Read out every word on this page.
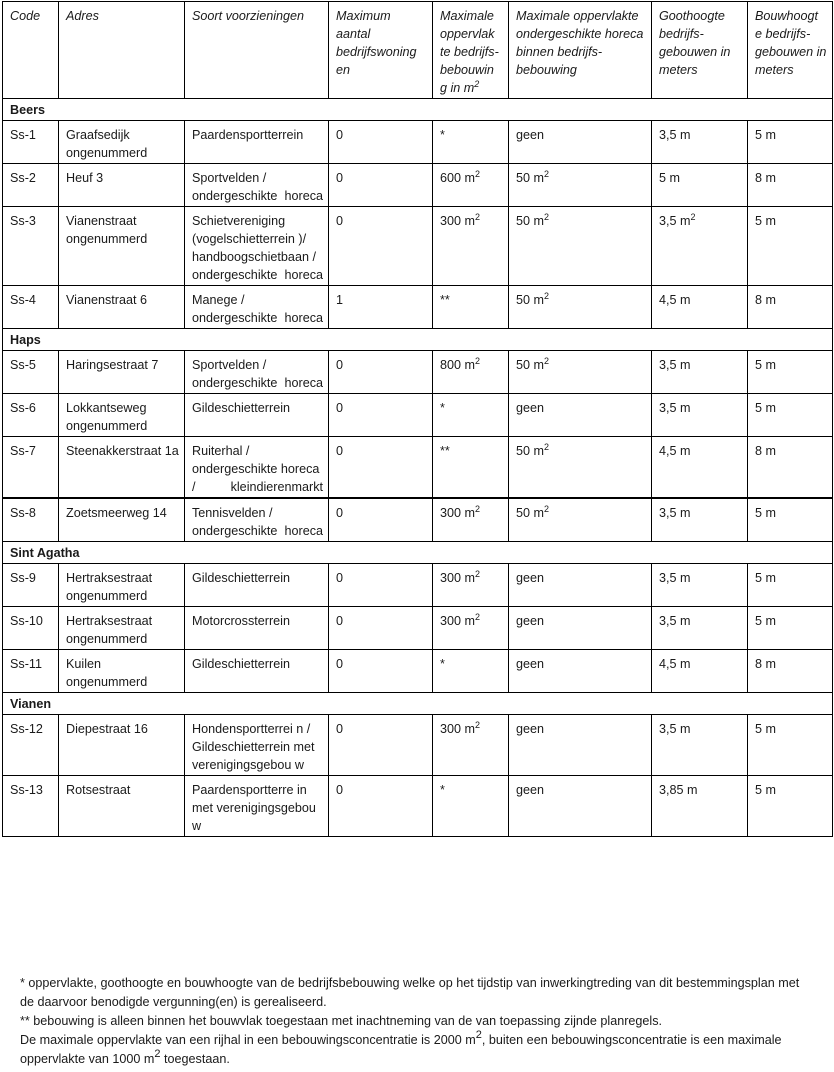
Code	Adres	Soort voorzieningen	Maximum aantal bedrijfswoning en	Maximale oppervlak te bedrijfs- bebouwin g in $m^2$	Maximale oppervlakte ondergeschikte horeca binnen bedrijfs-bebouwing	Goothoogte bedrijfs- gebouwen in meters	Bouwhoogt e bedrijfs- gebouwen in meters
Beers							
Ss-1	Graafsedijk ongenummerd	Paardensportterrein	0	*	geen	3,5 m	5 m
Ss-2	Heuf 3	Sportvelden / ondergeschikte horeca	0	600 $m^2$	50 $m^2$	5 m	8 m
Ss-3	Vianenstraat ongenummerd	Schietvereniging (vogelschietterrein )/ handboogschietbaan / ondergeschikte horeca	0	300 $m^2$	50 $m^2$	3,5 $m^2$	5 m
Ss-4	Vianenstraat 6	Manege / ondergeschikte horeca	1	**	50 $m^2$	4,5 m	8 m
Haps							
Ss-5	Haringsestraat 7	Sportvelden / ondergeschikte horeca	0	800 $m^2$	50 $m^2$	3,5 m	5 m
Ss-6	Lokkantseweg ongenummerd	Gildeschietterrein	0	*	geen	3,5 m	5 m
Ss-7	Steenakkerstraat 1a	Ruiterhal / ondergeschikte horeca / kleindierenmarkt	0	**	50 $m^2$	4,5 m	8 m
Ss-8	Zoetsmeerweg 14	Tennisvelden / ondergeschikte horeca	0	300 $m^2$	50 $m^2$	3,5 m	5 m
Sint Agatha							
Ss-9	Hertraksestraat ongenummerd	Gildeschietterrein	0	300 $m^2$	geen	3,5 m	5 m
Ss-10	Hertraksestraat ongenummerd	Motorcrossterrein	0	300 $m^2$	geen	3,5 m	5 m
Ss-11	Kuilen ongenummerd	Gildeschietterrein	0	*	geen	4,5 m	8 m
Vianen							
Ss-12	Diepestraat 16	Hondensportterrei n / Gildeschietterrein met verenigingsgebou w	0	300 $m^2$	geen	3,5 m	5 m
Ss-13	Rotsestraat	Paardensportterre in met verenigingsgebou w	0	*	geen	3,85 m	5 m
* oppervlakte, goothoogte en bouwhoogte van de bedrijfsbebouwing welke op het tijdstip van inwerkingtreding van dit bestemmingsplan met de daarvoor benodigde vergunning(en) is gerealiseerd.
** bebouwing is alleen binnen het bouwvlak toegestaan met inachtneming van de van toepassing zijnde planregels.
De maximale oppervlakte van een rijhal in een bebouwingsconcentratie is 2000 $m^2$, buiten een bebouwingsconcentratie is een maximale oppervlakte van 1000 $m^2$ toegestaan.
